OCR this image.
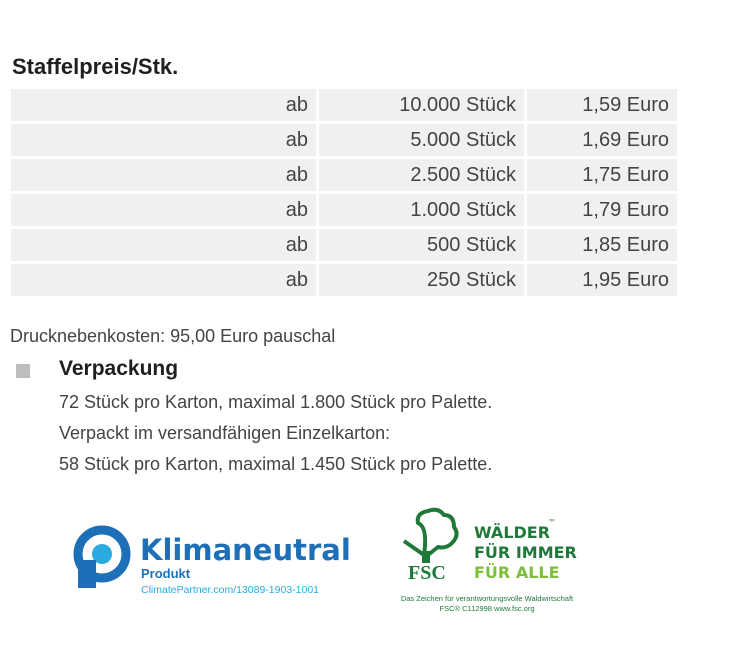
Staffelpreis/Stk.
ab	10.000 Stück	1,59 Euro
ab	5.000 Stück	1,69 Euro
ab	2.500 Stück	1,75 Euro
ab	1.000 Stück	1,79 Euro
ab	500 Stück	1,85 Euro
ab	250 Stück	1,95 Euro
Drucknebenkosten: 95,00 Euro pauschal
Verpackung
72 Stück pro Karton, maximal 1.800 Stück pro Palette.
Verpackt im versandfähigen Einzelkarton:
58 Stück pro Karton, maximal 1.450 Stück pro Palette.
Klimaneutral
Produkt
ClimatePartner.com/13089-1903-1001
FSC
WÄLDER
™
FÜR IMMER
FÜR ALLE
Das Zeichen für verantwortungsvolle Waldwirtschaft
FSC® C112998 www.fsc.org
